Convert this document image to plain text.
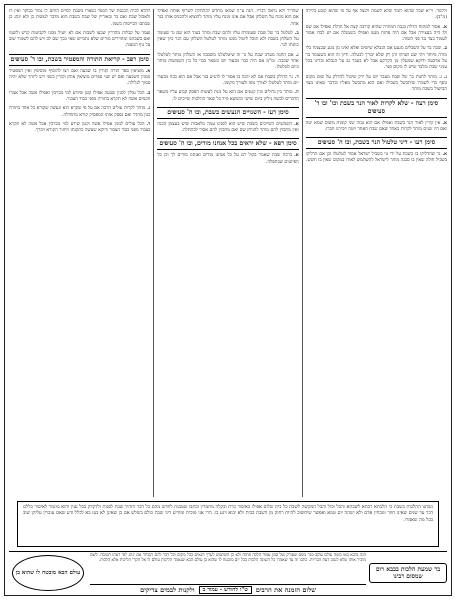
וללמד. וי"א שכל שהוא לומד שלא לשמה ולנצל אף על פי שהוא קובע בלילה (מ"ב).

א.אסור למתוח הדלת בגבה המוזרה שהיא קרובה קצת אל הדלת ואפילו אם שם ולו היה בעצירה אבל אם היה פתוח מגעו ואפילו כשמגלה אם יש לבדו אסור לעמוד בצד נגד פני השוה.

ב.שכה בר על השבלים מגעע אם הנבלא שישים ואלא ואינו מן נוגע שבצמח בלי מורה מיוחד ויהי שם ושדהו והן רק שלא יבורך לבטלה. ודיון זה הוא כשעומד בר על ארבעה ודוקא שמעלין מן הקרקע אבל לא בעבר גב על הנבלא ובדינו בכל עניני שבת ובלבד שיש לו מקום פנוי.

ג.ג. מותר לחנות בר של שבת מעבר יום על ירק שיכול להדלק על שום מקום נוסף כדי לשמרו שיתבשל בשבילו ואם הוא מתבשל מאליו ובדבר שאינו מצוי הבישול בשבת מותר.

סימן רעה - שלא לקרות לאור הנר בשבת וכו' ובו ד' סעיפים

א.אין קורין לאור הנר בשבת ואפילו אם הוא גבוה שני קומות משום שמא יטה ואם היו שנים מותר לקרות כאחד שאם שכח האחד ויטה יזכירנו חברו.

סימן רעו - דיני טלטול הנר בשבת, ובו ה' סעיפים

א.נר שהדליקו בו בשבת על ידי גוי בשביל ישראל אסור לטלטלו וכן אם הדליקו בשביל חולה שאין בו סכנה מותר לישראל להשתמש לאורו במקום שאין בו חשש.

שהדיר ולא נראה דבריו. הנה ע"ה שמאו מחדש לכתחלה לשרוף אותה ואפילו אם הוא מונח על השלחן אבל אם אינו מונח עליו מותר להוציא ולהכניס אותו בנר אחר.

ב.לטלטל בר של שבת שעומדת עליו ולחם שבת ומהר בעוד הוא שם נר שעומד על השלחן בשבת ולא תוכל ליטול ממנו מותר לטלטל השלחן עם הנר כיון שאין כוונתו לנר.

ג.אם התנה מערב שבת על נר זה שיטלטלנו משכבה או השלחן מותר לטלטלו אחר שכבה. ומ"מ אם היה כבוי מבעוד יום ונשאר כבוי כל בין השמשות מותר ביום לטלטלו.

ד.נר הדולק בשבת אם לא יהנה בו אסור לו להגיע בנר אבל אם הוא כבה מבעוד יום מותר לטלטלו לצורך גופו ולצורך מקומו.

ה.מותר בין גדולים ובין קטנים אם הוא על מנת לעשות הפסק קבוע עליו משאר הדברים לבשה גיליון ביום שישי וכשיצא מיד כל שאר ההלכות שייכים לו.

סימן רעז - השנויים הנעשים בשבת, ובו ה' סעיפים

א.השמשים השייכים בשבת שיש הוא לפנינו עמה מלאכות שיש בעצמן הכנה ואין מתכוין להם מותר להניחן שם ואם מתכוין להם אסור לכתחלה.

סימן רפא - שלא יראים בכל אנחנו מודים, ובו ה' סעיפים

א.ברכת שבת שאמר בקול רם על כל אנחנו מודים ואנחנו מודים לך וכן כל הפיוטים שבתפלה.

להלא לבית הכנסת של הכפר נשארו בשבת לסיים הוחם לו גמור בבוקר ואין לו ולאכול שבת ואם בר ובאוריין של שבת בשבת הוא מדבר לעשות כן ולא ינהג כן שכתבו הבייסות כשמו.

ועמד על קבלות מהדרין שבעו לשבות אם לא יועיל ממנו לקביעות קדש ולשמו ואם בשבתנו ומחוירים מורים שלא נתבייש שאי בכך שם לב ויש להם לשמור שוב על גוף המצוה.

סימן רפב - קריאת התורה והמפטיר בשבת, ובו ד' סעיפים

א.מוציאין ספר תורה וקורין בו שבעה ואם רצו להוסיף מוסיפין ואין המפטיר ממנין השבעה ואם יש שני ספרים מוציאין אותן וקורין בשני ויש ליזהר שלא יהיה סמוך לגלילה.

ב.הכל עולין למנין שבעה אפילו קטן שיודע למי מברכין ואפילו אשה אבל אמרו חכמים אשה לא תקרא בתורה מפני כבוד הצבור.

ג.מותר לקרות עולים הרבה אם על פי שקרא הוא ונעשה שקורא כל אחד בתורה כגון מהדר ואם נפסק אותו המפסיק קורא מתחילה.

ד.הכל עולים למנין אפילו אשה וקטן שידע למי מברכין אבל אשה לא תקרא בצבור מפני כבוד הצבור ודוקא שעשה כתקנתו ויחזור הקורא ויברך.

נשתנו ההלכות בשבת כי הלכתא רבתא לשבתא והבל וכול והבל המקשה לשבת כל בית שלום אפילו באיסור כרת ובקלה מחמרין וכתבו שטכנת לחדש מהם כל דבר הזהיר שבת לפנות ולדקדק בכל ענין והוא מוגמר לאיסור כללם דבר עד שנים שאינו חוזר ומבחין אדם ולא ישהה יום טמא ואפשר שיחשוב להיות רחוק מן השבת בבית ולא יבוא ויגע בו. הרי אני מוכיח ומודיע דיני שבת כולם בשלש אם כן שאינן לא בעו בא לכלל ודע שאם עוברין עליהן שוב בכל מה שאמרו.
בר שמעת הלכות בבבא ויום שמסום רבינו
הנה מובא באו משה עולם עוקב מגר בשם שעורק ועל סמן עמוד הלכה פתוח ולא כן השתמש לערך הנאים בכל מקום וכל דבר להם הבוחר אם ינהג לפי דעתו הטובה. לשם מזכיר אותו שלא לגנוב דעת הבריות. כתבו זה עד שאמרו כל השונה הלכות בכל יום מובטח לו שהוא בן עולם הבא שנאמר הליכות עולם לו אל תקרי הליכות אלא הלכות.
שלום הזמנה את הרבים
ט"ו לחודש - עמוד ב
ולקנות לבמים צדיקים
עולם הבא מובטח לו שהוא בן
